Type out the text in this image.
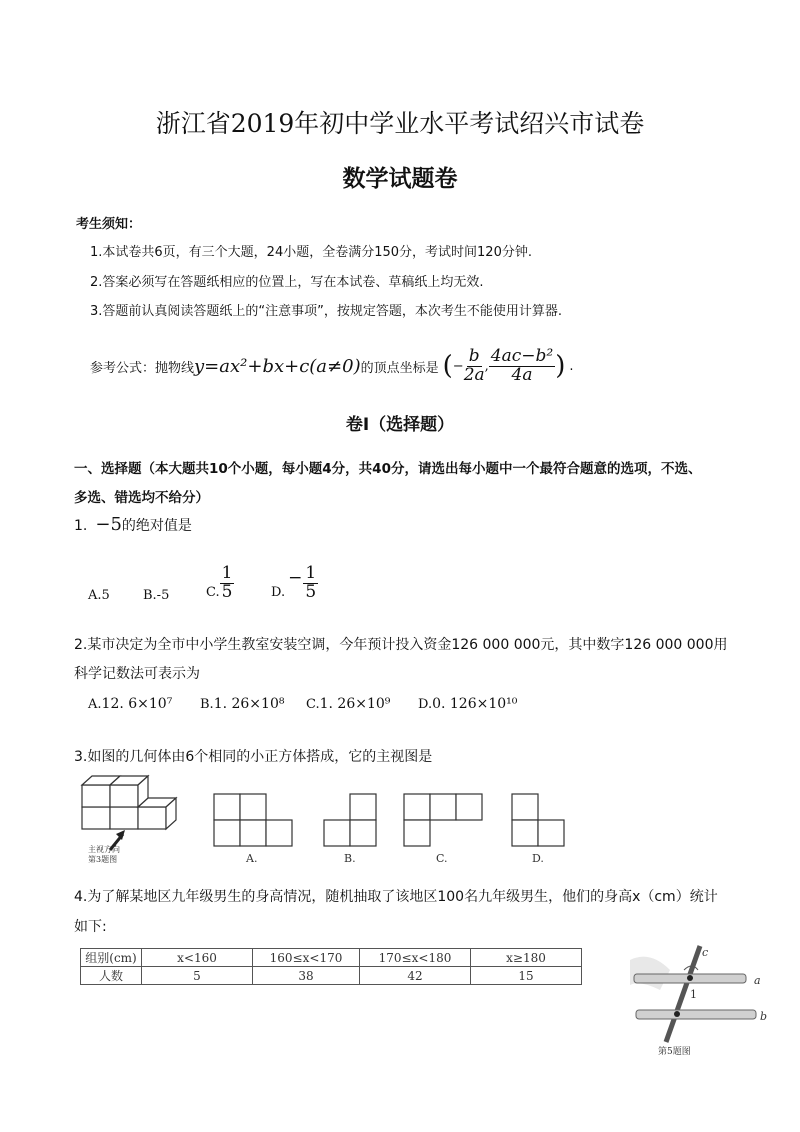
浙江省2019年初中学业水平考试绍兴市试卷
数学试题卷
考生须知：
1.本试卷共6页，有三个大题，24小题，全卷满分150分，考试时间120分钟.
2.答案必须写在答题纸相应的位置上，写在本试卷、草稿纸上均无效.
3.答题前认真阅读答题纸上的“注意事项”，按规定答题，本次考生不能使用计算器.
参考公式：抛物线 y=ax²+bx+c(a≠0) 的顶点坐标是 ( − $\frac{b}{2a}$ , $\frac{\text{4ac−b²}}{4a}$ ) .
卷Ⅰ（选择题）
一、选择题（本大题共10个小题，每小题4分，共40分，请选出每小题中一个最符合题意的选项，不选、
多选、错选均不给分）
1. −5 的绝对值是
A.5	B.-5	C. $\frac{1}{5}$	D.
− $\frac{1}{5}$
2.某市决定为全市中小学生教室安装空调，今年预计投入资金126 000 000元，其中数字126 000 000用
科学记数法可表示为
A.12. 6×10⁷ B.1. 26×10⁸ C.1. 26×10⁹ D.0. 126×10¹⁰
3.如图的几何体由6个相同的小正方体搭成，它的主视图是
主视方向
第3题图	A.	B.	C.	D.
4.为了解某地区九年级男生的身高情况，随机抽取了该地区100名九年级男生，他们的身高x（cm）统计
如下:
组别(cm)	x<160	160≤x<170	170≤x<180	x≥180
人数	5	38	42	15
c
a
b
1
第5题图
